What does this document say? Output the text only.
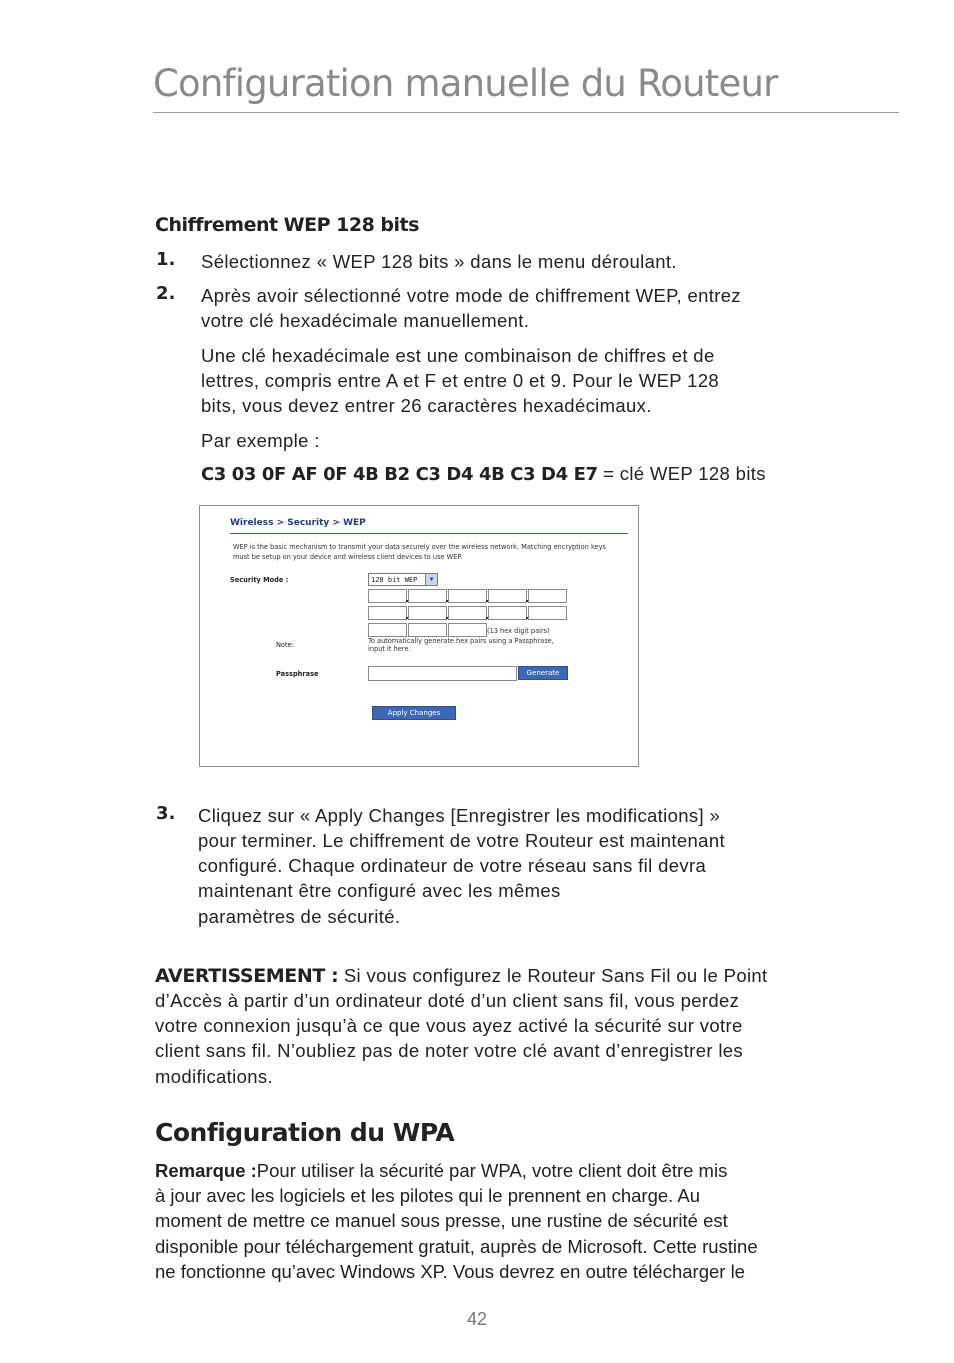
Configuration manuelle du Routeur
Chiffrement WEP 128 bits
1. Sélectionnez « WEP 128 bits » dans le menu déroulant.
2. Après avoir sélectionné votre mode de chiffrement WEP, entrez
votre clé hexadécimale manuellement.
Une clé hexadécimale est une combinaison de chiffres et de
lettres, compris entre A et F et entre 0 et 9. Pour le WEP 128
bits, vous devez entrer 26 caractères hexadécimaux.
Par exemple :
C3 03 0F AF 0F 4B B2 C3 D4 4B C3 D4 E7 = clé WEP 128 bits
Wireless > Security > WEP
WEP is the basic mechanism to transmit your data securely over the wireless network. Matching encryption keys must be setup on your device and wireless client devices to use WEP.
Security Mode :	128 bit WEP	▼
(13 hex digit pairs)
Note:	To automatically generate hex pairs using a Passphrase,
input it here.
Passphrase	Generate
Apply Changes
3. Cliquez sur « Apply Changes [Enregistrer les modifications] »
pour terminer. Le chiffrement de votre Routeur est maintenant
configuré. Chaque ordinateur de votre réseau sans fil devra
maintenant être configuré avec les mêmes
paramètres de sécurité.
AVERTISSEMENT : Si vous configurez le Routeur Sans Fil ou le Point
d’Accès à partir d’un ordinateur doté d’un client sans fil, vous perdez
votre connexion jusqu’à ce que vous ayez activé la sécurité sur votre
client sans fil. N’oubliez pas de noter votre clé avant d’enregistrer les
modifications.
Configuration du WPA
Remarque :Pour utiliser la sécurité par WPA, votre client doit être mis
à jour avec les logiciels et les pilotes qui le prennent en charge. Au
moment de mettre ce manuel sous presse, une rustine de sécurité est
disponible pour téléchargement gratuit, auprès de Microsoft. Cette rustine
ne fonctionne qu’avec Windows XP. Vous devrez en outre télécharger le
42
